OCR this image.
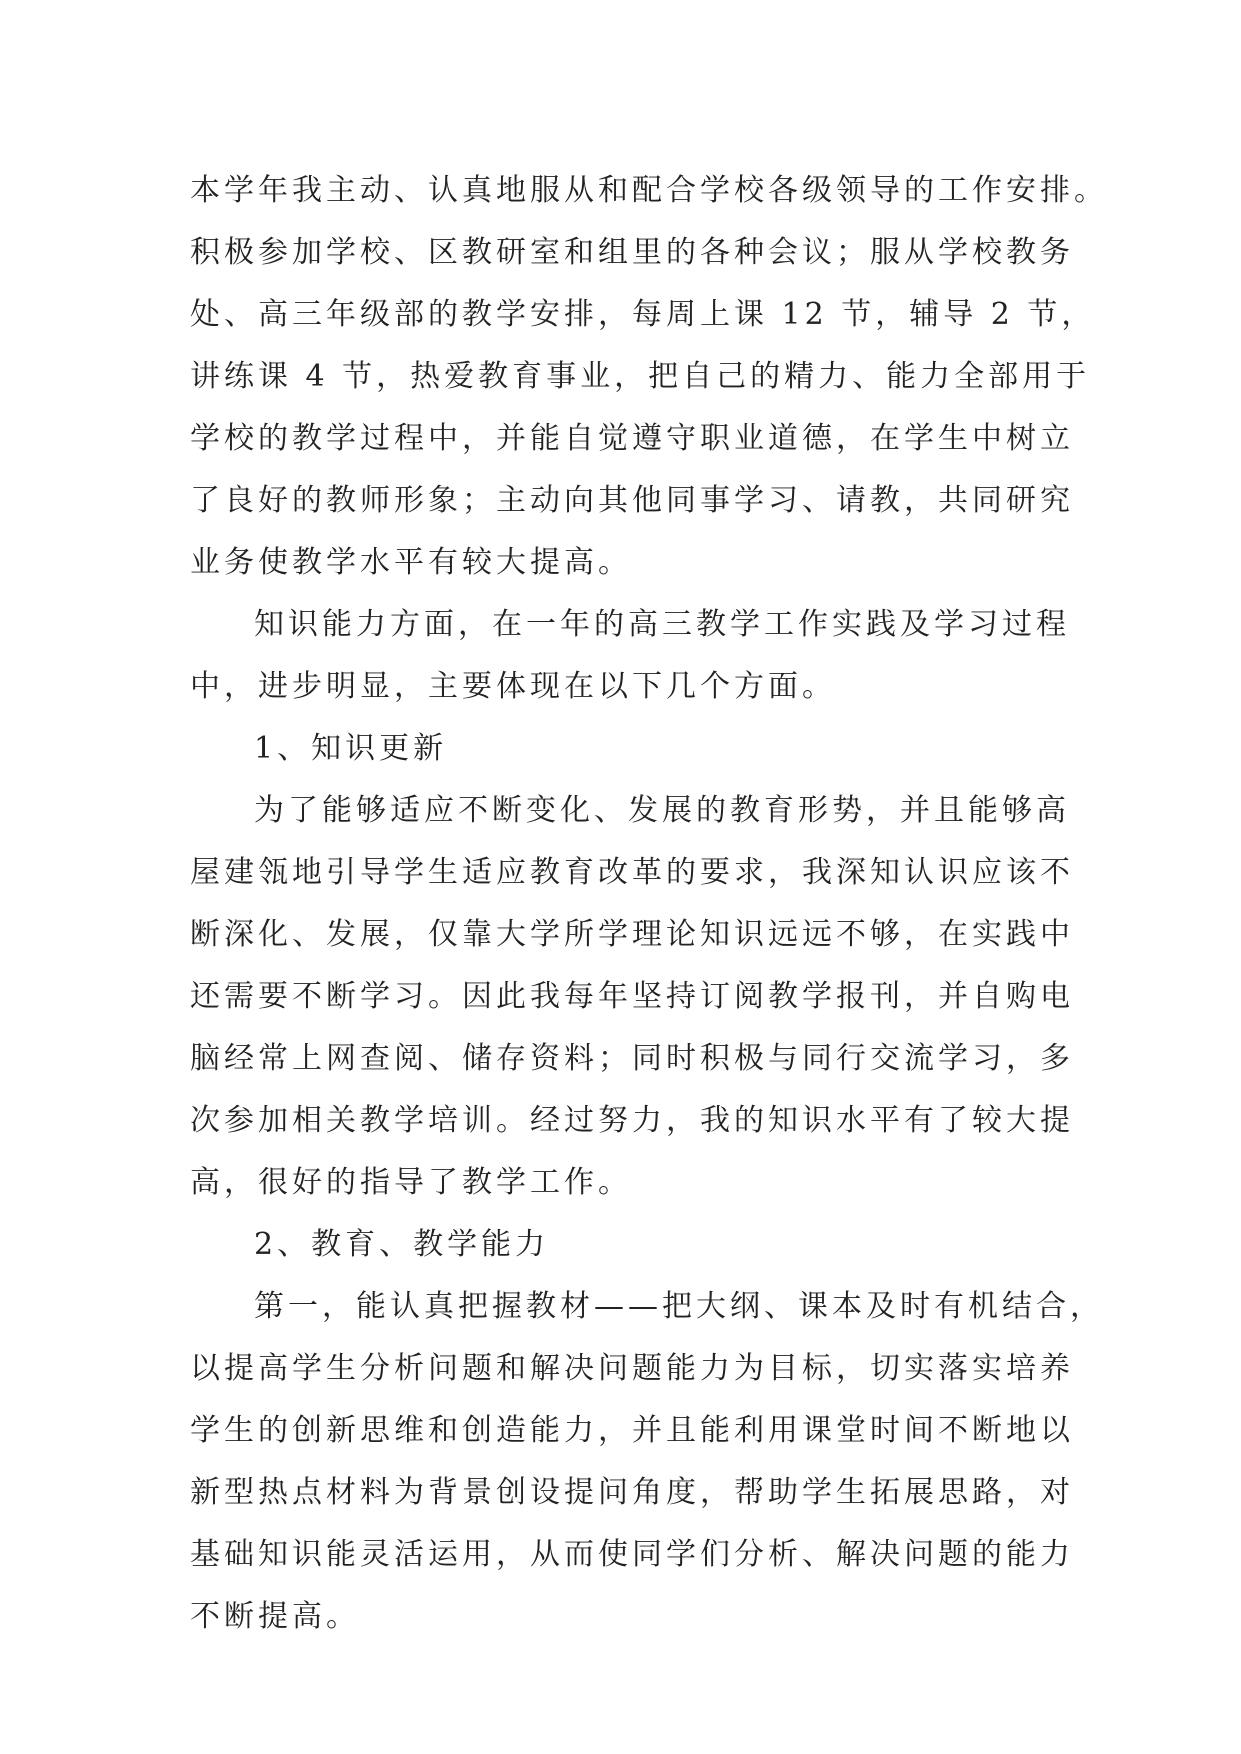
本学年我主动、认真地服从和配合学校各级领导的工作安排。
积极参加学校、区教研室和组里的各种会议；服从学校教务
处、高三年级部的教学安排，每周上课 12 节，辅导 2 节，
讲练课 4 节，热爱教育事业，把自己的精力、能力全部用于
学校的教学过程中，并能自觉遵守职业道德，在学生中树立
了良好的教师形象；主动向其他同事学习、请教，共同研究
业务使教学水平有较大提高。
知识能力方面，在一年的高三教学工作实践及学习过程
中，进步明显，主要体现在以下几个方面。
1、知识更新
为了能够适应不断变化、发展的教育形势，并且能够高
屋建瓴地引导学生适应教育改革的要求，我深知认识应该不
断深化、发展，仅靠大学所学理论知识远远不够，在实践中
还需要不断学习。因此我每年坚持订阅教学报刊，并自购电
脑经常上网查阅、储存资料；同时积极与同行交流学习，多
次参加相关教学培训。经过努力，我的知识水平有了较大提
高，很好的指导了教学工作。
2、教育、教学能力
第一，能认真把握教材——把大纲、课本及时有机结合，
以提高学生分析问题和解决问题能力为目标，切实落实培养
学生的创新思维和创造能力，并且能利用课堂时间不断地以
新型热点材料为背景创设提问角度，帮助学生拓展思路，对
基础知识能灵活运用，从而使同学们分析、解决问题的能力
不断提高。
